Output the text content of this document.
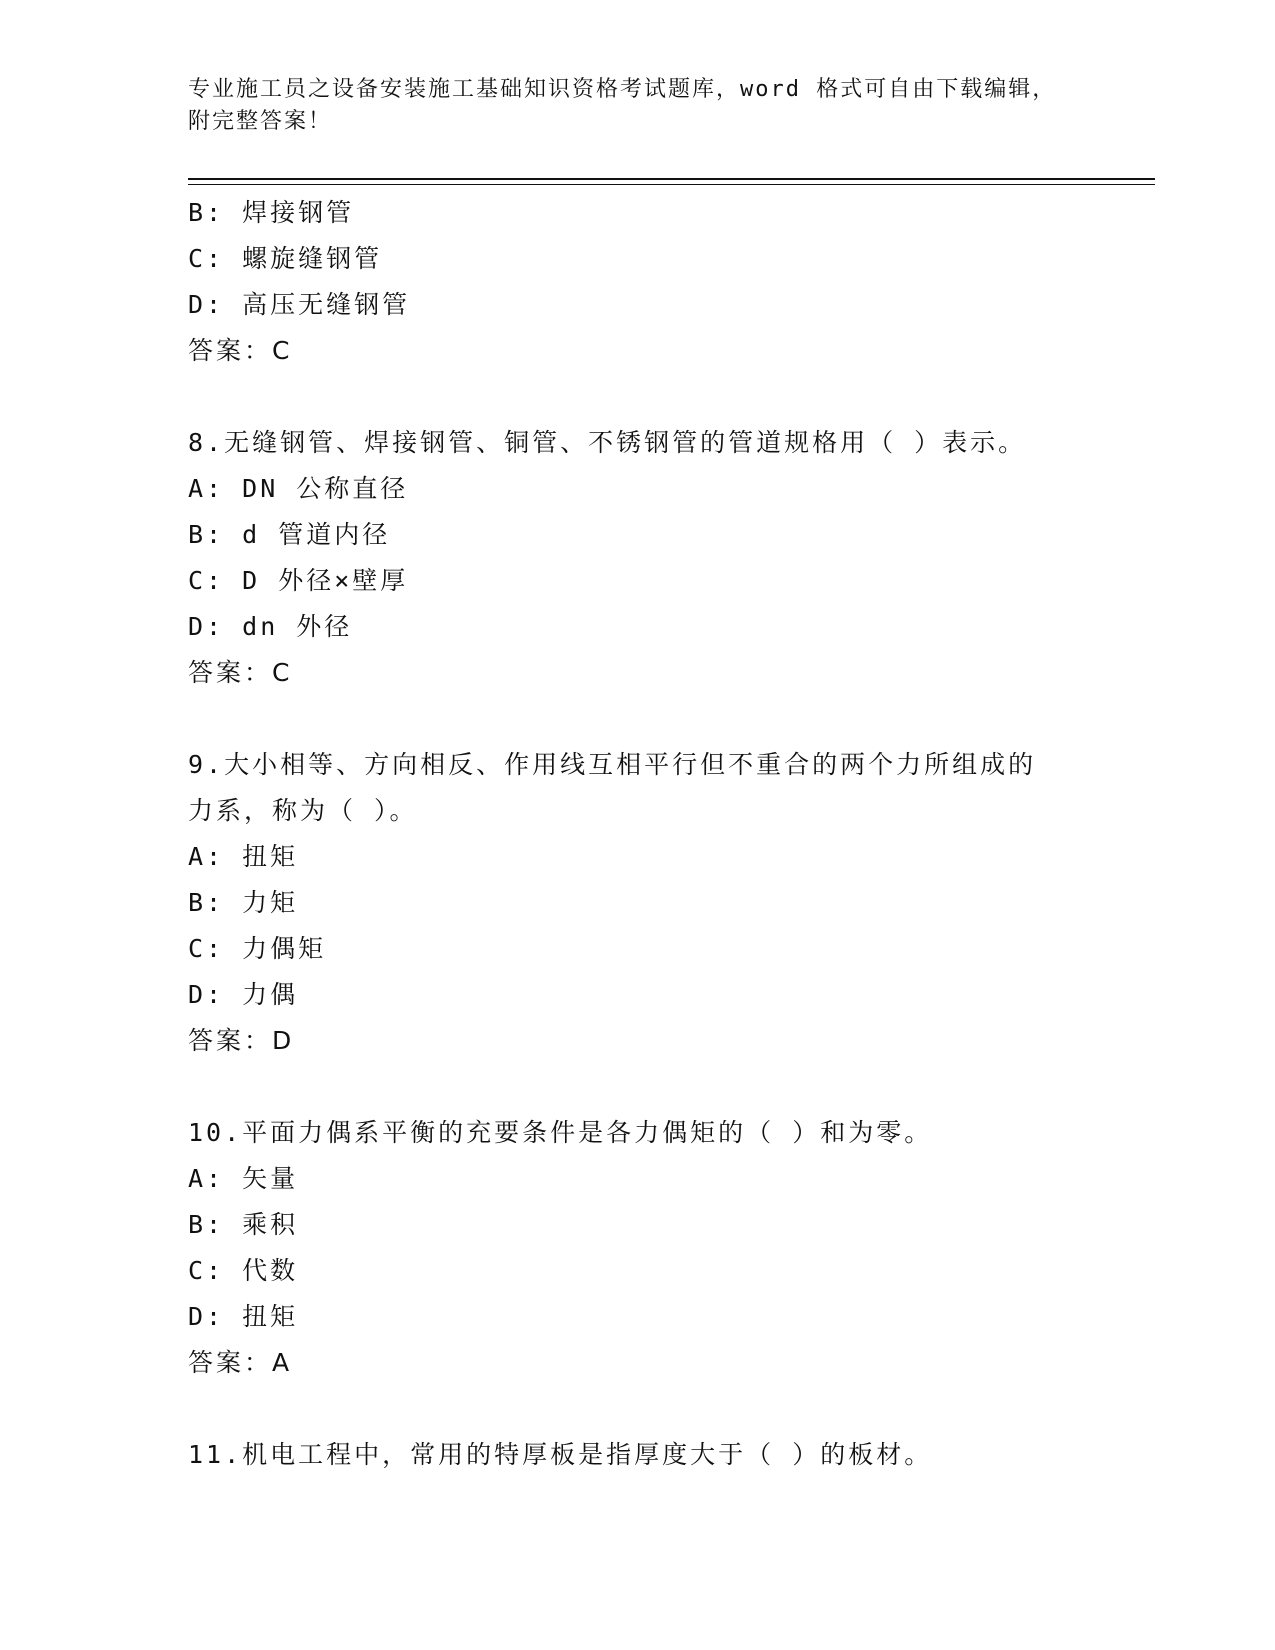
专业施工员之设备安装施工基础知识资格考试题库，word 格式可自由下载编辑，
附完整答案！
B: 焊接钢管
C: 螺旋缝钢管
D: 高压无缝钢管
答案：C
8.无缝钢管、焊接钢管、铜管、不锈钢管的管道规格用（ ）表示。
A: DN 公称直径
B: d 管道内径
C: D 外径×壁厚
D: dn 外径
答案：C
9.大小相等、方向相反、作用线互相平行但不重合的两个力所组成的
力系，称为（ ）。
A: 扭矩
B: 力矩
C: 力偶矩
D: 力偶
答案：D
10.平面力偶系平衡的充要条件是各力偶矩的（ ）和为零。
A: 矢量
B: 乘积
C: 代数
D: 扭矩
答案：A
11.机电工程中，常用的特厚板是指厚度大于（ ）的板材。
